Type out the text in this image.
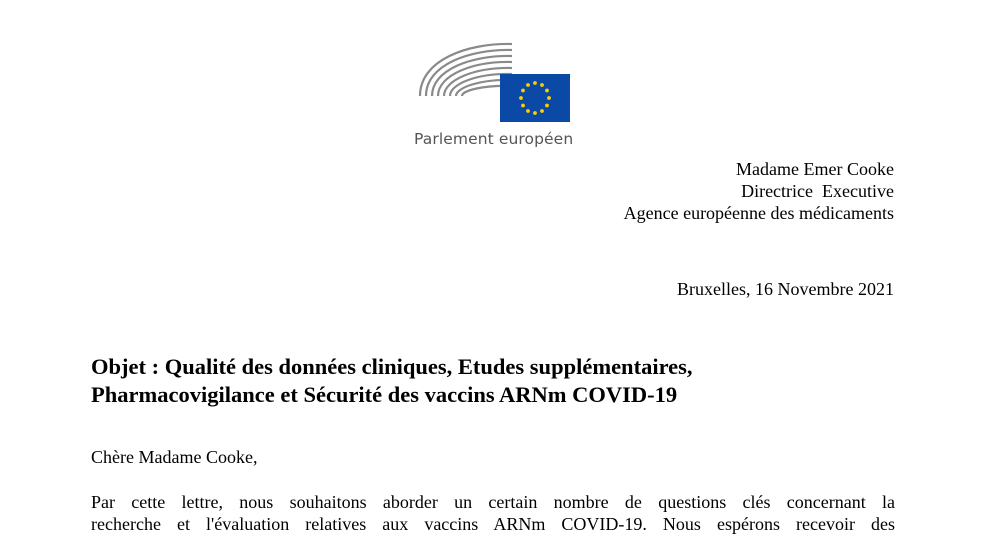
Parlement européen
Madame Emer Cooke
Directrice  Executive
Agence européenne des médicaments
Bruxelles, 16 Novembre 2021
Objet : Qualité des données cliniques, Etudes supplémentaires,
Pharmacovigilance et Sécurité des vaccins ARNm COVID-19
Chère Madame Cooke,
Par cette lettre, nous souhaitons aborder un certain nombre de questions clés concernant la
recherche et l'évaluation relatives aux vaccins ARNm COVID-19. Nous espérons recevoir des
